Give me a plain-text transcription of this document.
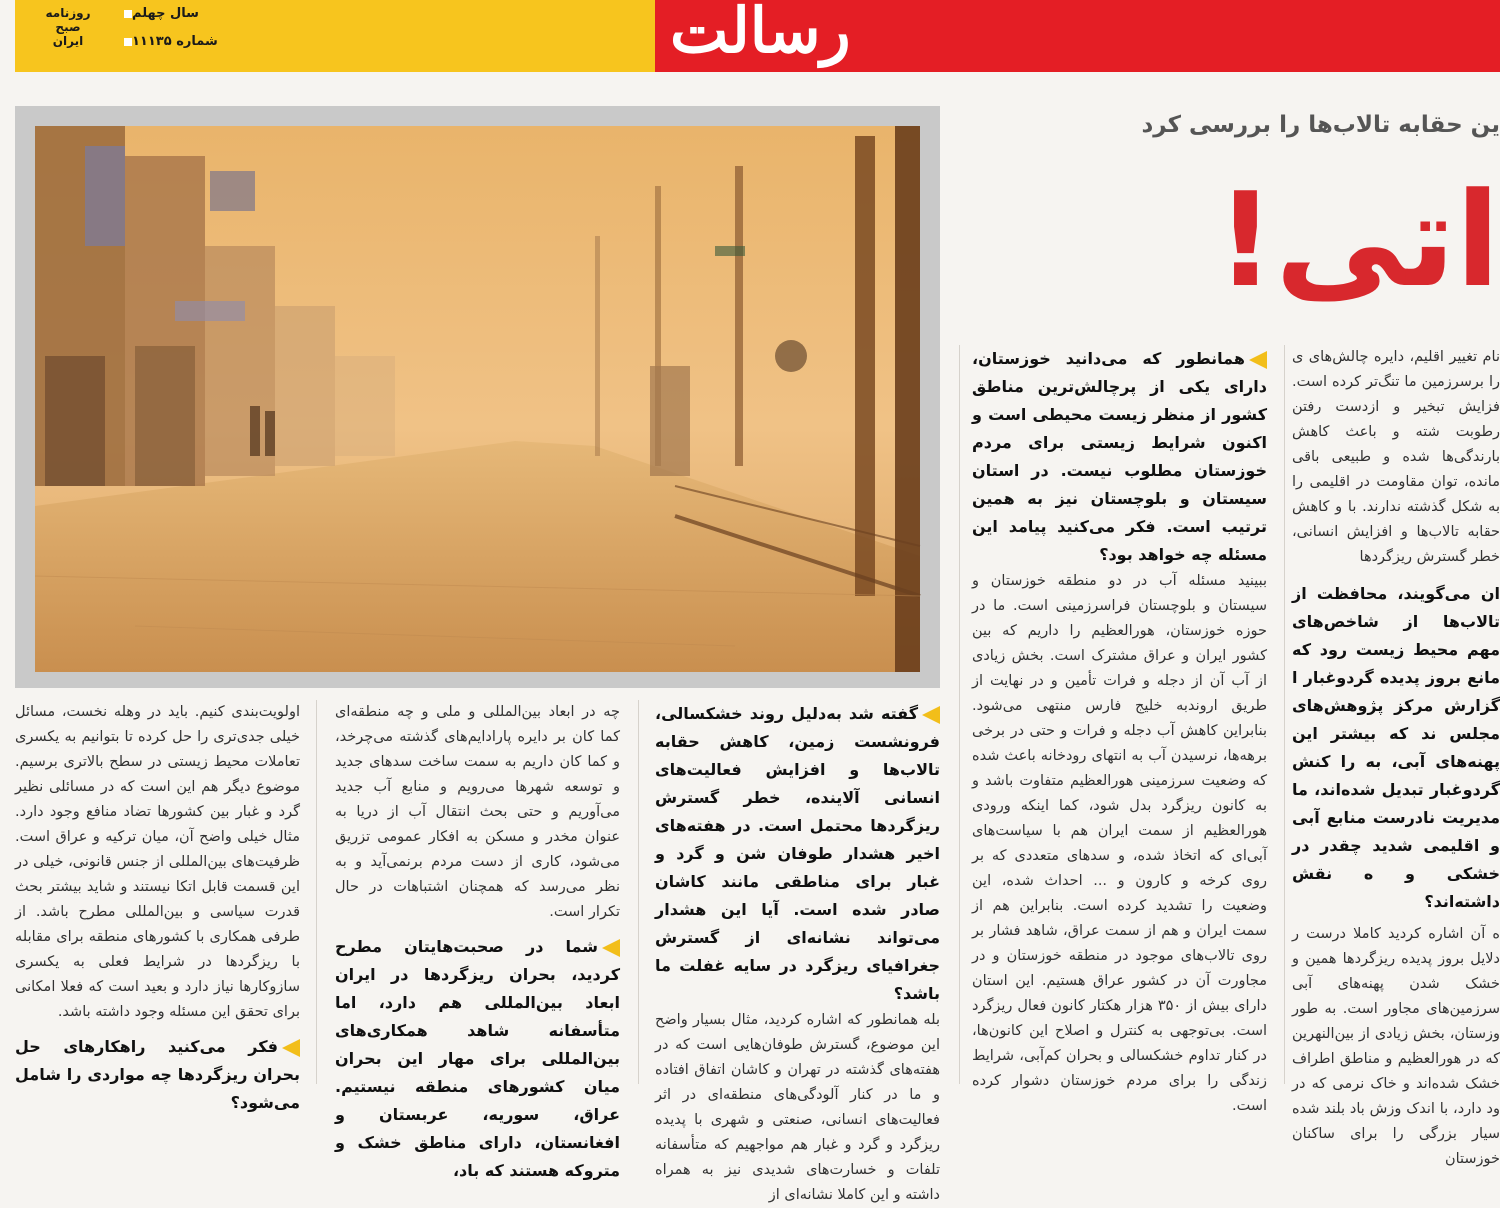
روزنامه
صبح
ایران
سال چهلم
شماره ۱۱۱۳۵	رسالت
ین حقابه تالاب‌ها را بررسی کرد
اتی!

نام تغییر اقلیم، دایره چالش‌های ی را برسرزمین ما تنگ‌تر کرده است. فزایش تبخیر و ازدست رفتن رطوبت شته و باعث کاهش بارندگی‌ها شده و طبیعی باقی مانده، توان مقاومت در اقلیمی را به شکل گذشته ندارند. با و کاهش حقابه تالاب‌ها و افزایش انسانی، خطر گسترش ریزگردها

ان می‌گویند، محافظت از تالاب‌ها از شاخص‌های مهم محیط زیست رود که مانع بروز پدیده گردوغبار ا گزارش مرکز پژوهش‌های مجلس ند که بیشتر این پهنه‌های آبی، به را کنش گردوغبار تبدیل شده‌اند، ما مدیریت نادرست منابع آبی و اقلیمی شدید چقدر در خشکی و ه نقش داشته‌اند؟

ه آن اشاره کردید کاملا درست ر دلایل بروز پدیده ریزگردها همین و خشک شدن پهنه‌های آبی سرزمین‌های مجاور است. به طور وزستان، بخش زیادی از بین‌النهرین که در هورالعظیم و مناطق اطراف خشک شده‌اند و خاک نرمی که در ود دارد، با اندک وزش باد بلند شده سیار بزرگی را برای ساکنان خوزستان

همانطور که می‌دانید خوزستان، دارای یکی از پرچالش‌ترین مناطق کشور از منظر زیست محیطی است و اکنون شرایط زیستی برای مردم خوزستان مطلوب نیست. در استان سیستان و بلوچستان نیز به همین ترتیب است. فکر می‌کنید پیامد این مسئله چه خواهد بود؟

ببینید مسئله آب در دو منطقه خوزستان و سیستان و بلوچستان فراسرزمینی است. ما در حوزه خوزستان، هورالعظیم را داریم که بین کشور ایران و عراق مشترک است. بخش زیادی از آب آن از دجله و فرات تأمین و در نهایت از طریق اروندبه خلیج فارس منتهی می‌شود. بنابراین کاهش آب دجله و فرات و حتی در برخی برهه‌ها، نرسیدن آب به انتهای رودخانه باعث شده که وضعیت سرزمینی هورالعظیم متفاوت باشد و به کانون ریزگرد بدل شود، کما اینکه ورودی هورالعظیم از سمت ایران هم با سیاست‌های آبی‌ای که اتخاذ شده، و سدهای متعددی که بر روی کرخه و کارون و ... احداث شده، این وضعیت را تشدید کرده است. بنابراین هم از سمت ایران و هم از سمت عراق، شاهد فشار بر روی تالاب‌های موجود در منطقه خوزستان و در مجاورت آن در کشور عراق هستیم. این استان دارای بیش از ۳۵۰ هزار هکتار کانون فعال ریزگرد است. بی‌توجهی به کنترل و اصلاح این کانون‌ها، در کنار تداوم خشکسالی و بحران کم‌آبی، شرایط زندگی را برای مردم خوزستان دشوار کرده است.

گفته شد به‌دلیل روند خشکسالی، فرونشست زمین، کاهش حقابه تالاب‌ها و افزایش فعالیت‌های انسانی آلاینده، خطر گسترش ریزگردها محتمل است. در هفته‌های اخیر هشدار طوفان شن و گرد و غبار برای مناطقی مانند کاشان صادر شده است. آیا این هشدار می‌تواند نشانه‌ای از گسترش جغرافیای ریزگرد در سایه غفلت ما باشد؟

بله همانطور که اشاره کردید، مثال بسیار واضح این موضوع، گسترش طوفان‌هایی است که در هفته‌های گذشته در تهران و کاشان اتفاق افتاده و ما در کنار آلودگی‌های منطقه‌ای در اثر فعالیت‌های انسانی، صنعتی و شهری با پدیده ریزگرد و گرد و غبار هم مواجهیم که متأسفانه تلفات و خسارت‌های شدیدی نیز به همراه داشته و این کاملا نشانه‌ای از

چه در ابعاد بین‌المللی و ملی و چه منطقه‌ای کما کان بر دایره پارادایم‌های گذشته می‌چرخد، و کما کان داریم به سمت ساخت سدهای جدید و توسعه شهرها می‌رویم و منابع آب جدید می‌آوریم و حتی بحث انتقال آب از دریا به عنوان مخدر و مسکن به افکار عمومی تزریق می‌شود، کاری از دست مردم برنمی‌آید و به نظر می‌رسد که همچنان اشتباهات در حال تکرار است.

شما در صحبت‌هایتان مطرح کردید، بحران ریزگردها در ایران ابعاد بین‌المللی هم دارد، اما متأسفانه شاهد همکاری‌های بین‌المللی برای مهار این بحران میان کشورهای منطقه نیستیم. عراق، سوریه، عربستان و افغانستان، دارای مناطق خشک و متروکه هستند که باد،

اولویت‌بندی کنیم. باید در وهله نخست، مسائل خیلی جدی‌تری را حل کرده تا بتوانیم به یکسری تعاملات محیط زیستی در سطح بالاتری برسیم. موضوع دیگر هم این است که در مسائلی نظیر گرد و غبار بین کشورها تضاد منافع وجود دارد. مثال خیلی واضح آن، میان ترکیه و عراق است. ظرفیت‌های بین‌المللی از جنس قانونی، خیلی در این قسمت قابل اتکا نیستند و شاید بیشتر بحث قدرت سیاسی و بین‌المللی مطرح باشد. از طرفی همکاری با کشورهای منطقه برای مقابله با ریزگردها در شرایط فعلی به یکسری سازوکارها نیاز دارد و بعید است که فعلا امکانی برای تحقق این مسئله وجود داشته باشد.

فکر می‌کنید راهکارهای حل بحران ریزگردها چه مواردی را شامل می‌شود؟
